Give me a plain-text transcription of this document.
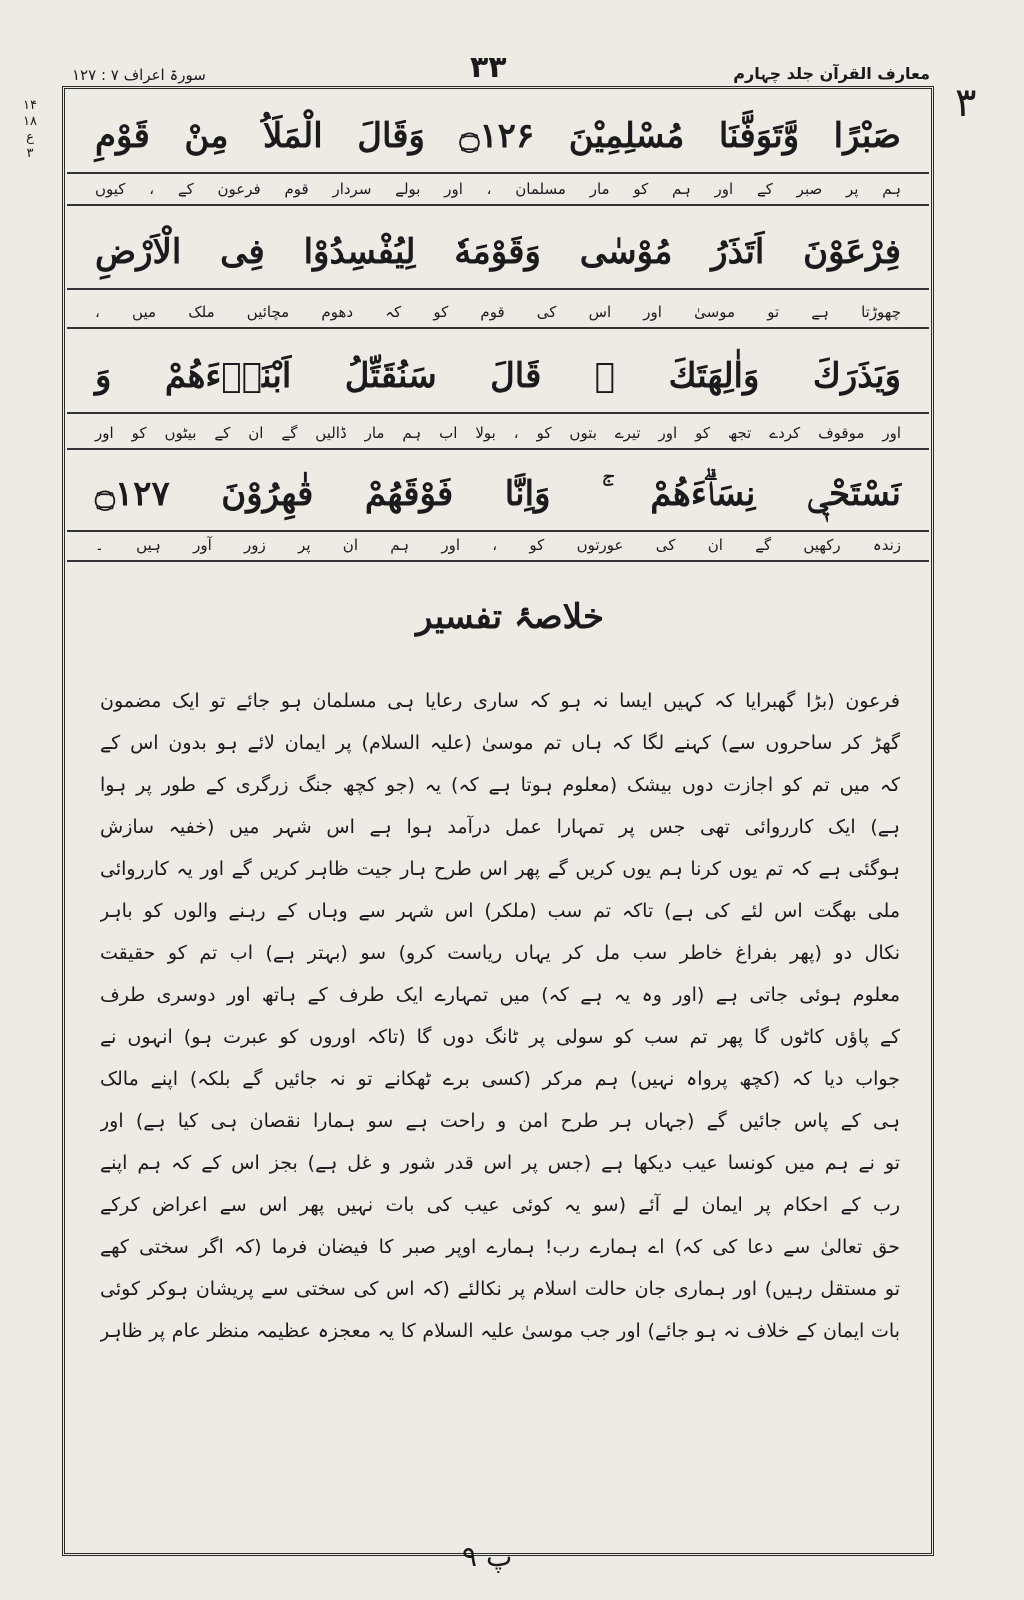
سورۃ اعراف ۷ : ۱۲۷	۳۳	معارف القرآن جلد چہارم
۳
۱۴
۱۸
ع
۳	صَبْرًا وَّتَوَفَّنَا مُسْلِمِيْنَ ۝۱۲۶ وَقَالَ الْمَلَاُ مِنْ قَوْمِ
ہم پر صبر کے اور ہم کو مار مسلمان ، اور بولے سردار قوم فرعون کے ، کیوں
فِرْعَوْنَ اَتَذَرُ مُوْسٰى وَقَوْمَهٗ لِيُفْسِدُوْا فِى الْاَرْضِ
چھوڑتا ہے تو موسیٰ اور اس کی قوم کو کہ دھوم مچائیں ملک میں ،
وَيَذَرَكَ وَاٰلِهَتَكَ ۭ قَالَ سَنُقَتِّلُ اَبْنَاۗءَهُمْ وَ
اور موقوف کردے تجھ کو اور تیرے بتوں کو ، بولا اب ہم مار ڈالیں گے ان کے بیٹوں کو اور
نَسْتَحْيٖ نِسَاۗءَهُمْ ۚ وَاِنَّا فَوْقَهُمْ قٰهِرُوْنَ ۝۱۲۷
زندہ رکھیں گے ان کی عورتوں کو ، اور ہم ان پر زور آور ہیں ۔
خلاصۂ تفسیر
فرعون (بڑا گھبرایا کہ کہیں ایسا نہ ہو کہ ساری رعایا ہی مسلمان ہو جائے تو ایک مضمون
گھڑ کر ساحروں سے) کہنے لگا کہ ہاں تم موسیٰ (علیہ السلام) پر ایمان لائے ہو بدون اس کے
کہ میں تم کو اجازت دوں بیشک (معلوم ہوتا ہے کہ) یہ (جو کچھ جنگ زرگری کے طور پر ہوا
ہے) ایک کارروائی تھی جس پر تمہارا عمل درآمد ہوا ہے اس شہر میں (خفیہ سازش
ہوگئی ہے کہ تم یوں کرنا ہم یوں کریں گے پھر اس طرح ہار جیت ظاہر کریں گے اور یہ کارروائی
ملی بھگت اس لئے کی ہے) تاکہ تم سب (ملکر) اس شہر سے وہاں کے رہنے والوں کو باہر
نکال دو (پھر بفراغ خاطر سب مل کر یہاں ریاست کرو) سو (بہتر ہے) اب تم کو حقیقت
معلوم ہوئی جاتی ہے (اور وہ یہ ہے کہ) میں تمہارے ایک طرف کے ہاتھ اور دوسری طرف
کے پاؤں کاٹوں گا پھر تم سب کو سولی پر ٹانگ دوں گا (تاکہ اوروں کو عبرت ہو) انہوں نے
جواب دیا کہ (کچھ پرواہ نہیں) ہم مرکر (کسی برے ٹھکانے تو نہ جائیں گے بلکہ) اپنے مالک
ہی کے پاس جائیں گے (جہاں ہر طرح امن و راحت ہے سو ہمارا نقصان ہی کیا ہے) اور
تو نے ہم میں کونسا عیب دیکھا ہے (جس پر اس قدر شور و غل ہے) بجز اس کے کہ ہم اپنے
رب کے احکام پر ایمان لے آئے (سو یہ کوئی عیب کی بات نہیں پھر اس سے اعراض کرکے
حق تعالیٰ سے دعا کی کہ) اے ہمارے رب! ہمارے اوپر صبر کا فیضان فرما (کہ اگر سختی کھے
تو مستقل رہیں) اور ہماری جان حالت اسلام پر نکالئے (کہ اس کی سختی سے پریشان ہوکر کوئی
بات ایمان کے خلاف نہ ہو جائے) اور جب موسیٰ علیہ السلام کا یہ معجزہ عظیمہ منظر عام پر ظاہر
پ ۹
